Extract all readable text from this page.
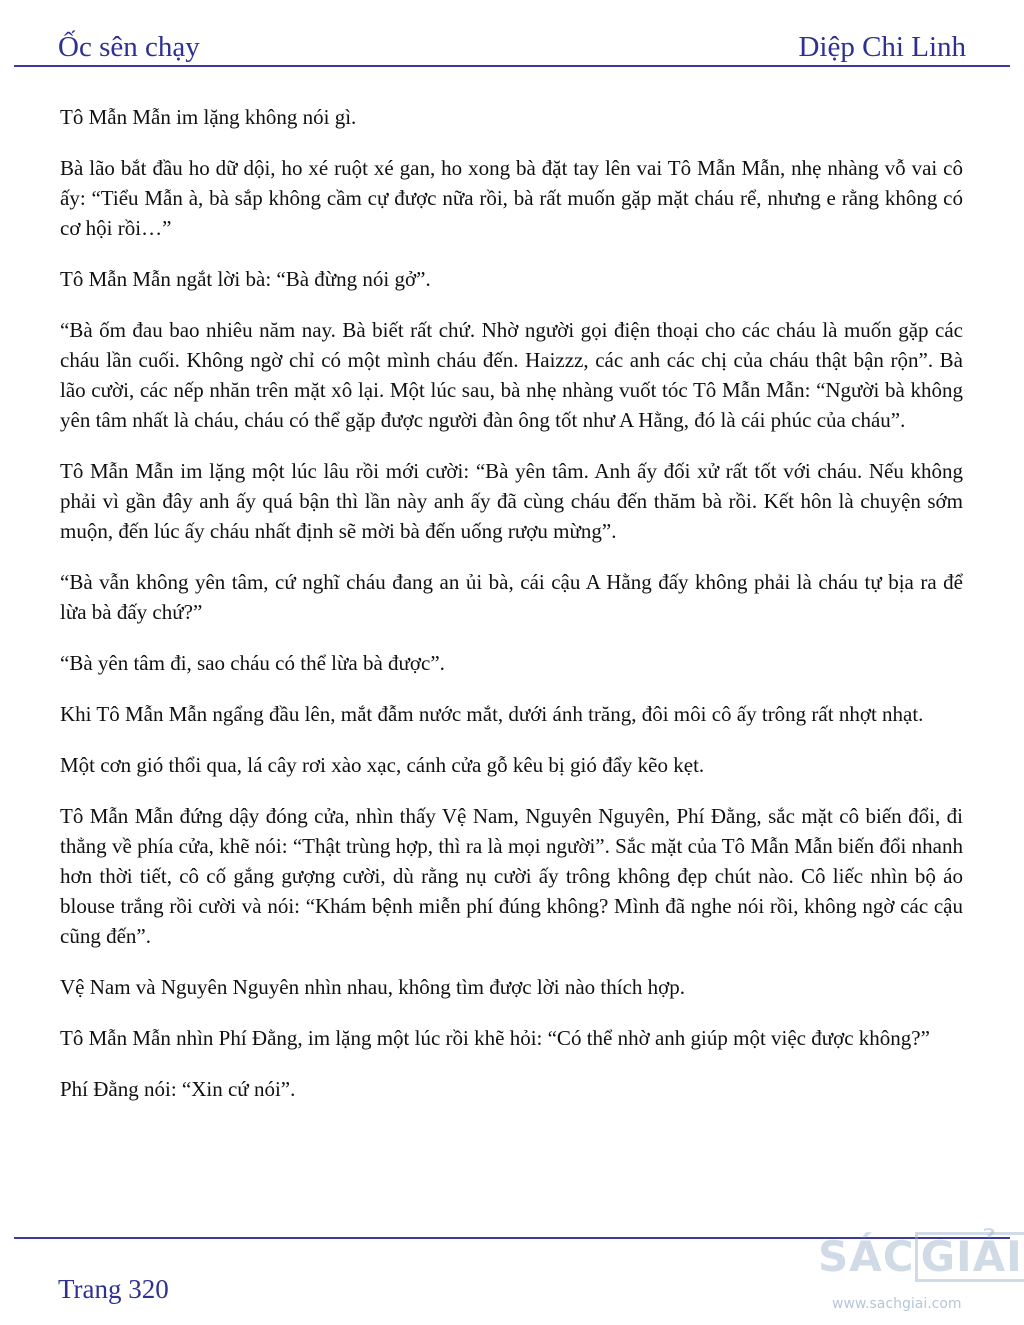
Ốc sên chạy	Diệp Chi Linh

Tô Mẫn Mẫn im lặng không nói gì.

Bà lão bắt đầu ho dữ dội, ho xé ruột xé gan, ho xong bà đặt tay lên vai Tô Mẫn Mẫn, nhẹ nhàng vỗ vai cô ấy: “Tiểu Mẫn à, bà sắp không cầm cự được nữa rồi, bà rất muốn gặp mặt cháu rể, nhưng e rằng không có cơ hội rồi…”

Tô Mẫn Mẫn ngắt lời bà: “Bà đừng nói gở”.

“Bà ốm đau bao nhiêu năm nay. Bà biết rất chứ. Nhờ người gọi điện thoại cho các cháu là muốn gặp các cháu lần cuối. Không ngờ chỉ có một mình cháu đến. Haizzz, các anh các chị của cháu thật bận rộn”. Bà lão cười, các nếp nhăn trên mặt xô lại. Một lúc sau, bà nhẹ nhàng vuốt tóc Tô Mẫn Mẫn: “Người bà không yên tâm nhất là cháu, cháu có thể gặp được người đàn ông tốt như A Hằng, đó là cái phúc của cháu”.

Tô Mẫn Mẫn im lặng một lúc lâu rồi mới cười: “Bà yên tâm. Anh ấy đối xử rất tốt với cháu. Nếu không phải vì gần đây anh ấy quá bận thì lần này anh ấy đã cùng cháu đến thăm bà rồi. Kết hôn là chuyện sớm muộn, đến lúc ấy cháu nhất định sẽ mời bà đến uống rượu mừng”.

“Bà vẫn không yên tâm, cứ nghĩ cháu đang an ủi bà, cái cậu A Hằng đấy không phải là cháu tự bịa ra để lừa bà đấy chứ?”

“Bà yên tâm đi, sao cháu có thể lừa bà được”.

Khi Tô Mẫn Mẫn ngẩng đầu lên, mắt đẫm nước mắt, dưới ánh trăng, đôi môi cô ấy trông rất nhợt nhạt.

Một cơn gió thổi qua, lá cây rơi xào xạc, cánh cửa gỗ kêu bị gió đẩy kẽo kẹt.

Tô Mẫn Mẫn đứng dậy đóng cửa, nhìn thấy Vệ Nam, Nguyên Nguyên, Phí Đằng, sắc mặt cô biến đổi, đi thẳng về phía cửa, khẽ nói: “Thật trùng hợp, thì ra là mọi người”. Sắc mặt của Tô Mẫn Mẫn biến đổi nhanh hơn thời tiết, cô cố gắng gượng cười, dù rằng nụ cười ấy trông không đẹp chút nào. Cô liếc nhìn bộ áo blouse trắng rồi cười và nói: “Khám bệnh miễn phí đúng không? Mình đã nghe nói rồi, không ngờ các cậu cũng đến”.

Vệ Nam và Nguyên Nguyên nhìn nhau, không tìm được lời nào thích hợp.

Tô Mẫn Mẫn nhìn Phí Đằng, im lặng một lúc rồi khẽ hỏi: “Có thể nhờ anh giúp một việc được không?”

Phí Đằng nói: “Xin cứ nói”.

Trang 320
SÁC GIẢI
www.sachgiai.com
